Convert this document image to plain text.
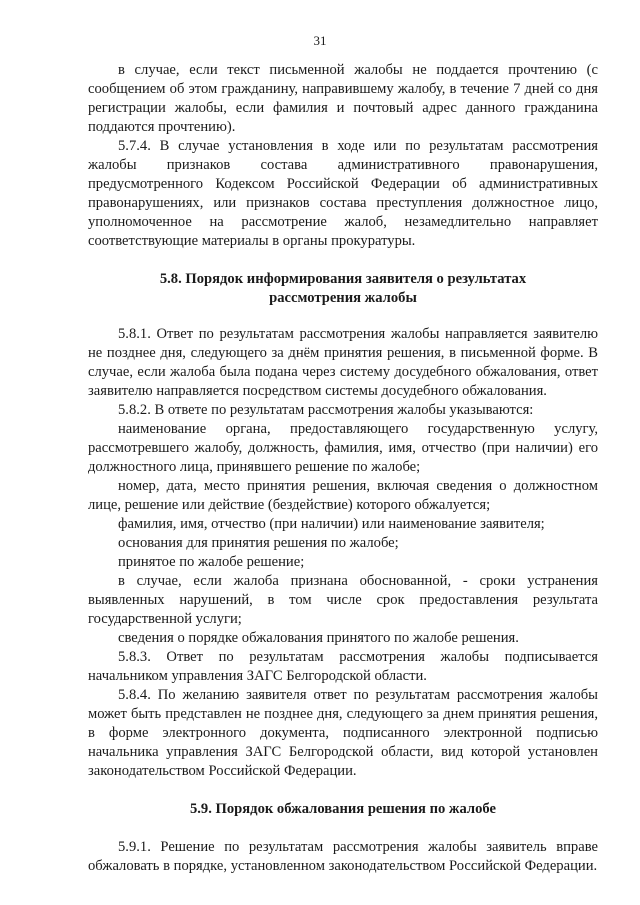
31

в случае, если текст письменной жалобы не поддается прочтению (с сообщением об этом гражданину, направившему жалобу, в течение 7 дней со дня регистрации жалобы, если фамилия и почтовый адрес данного гражданина поддаются прочтению).

5.7.4. В случае установления в ходе или по результатам рассмотрения жалобы признаков состава административного правонарушения, предусмотренного Кодексом Российской Федерации об административных правонарушениях, или признаков состава преступления должностное лицо, уполномоченное на рассмотрение жалоб, незамедлительно направляет соответствующие материалы в органы прокуратуры.

5.8. Порядок информирования заявителя о результатах
рассмотрения жалобы

5.8.1. Ответ по результатам рассмотрения жалобы направляется заявителю не позднее дня, следующего за днём принятия решения, в письменной форме. В случае, если жалоба была подана через систему досудебного обжалования, ответ заявителю направляется посредством системы досудебного обжалования.

5.8.2. В ответе по результатам рассмотрения жалобы указываются:

наименование органа, предоставляющего государственную услугу, рассмотревшего жалобу, должность, фамилия, имя, отчество (при наличии) его должностного лица, принявшего решение по жалобе;

номер, дата, место принятия решения, включая сведения о должностном лице, решение или действие (бездействие) которого обжалуется;

фамилия, имя, отчество (при наличии) или наименование заявителя;

основания для принятия решения по жалобе;

принятое по жалобе решение;

в случае, если жалоба признана обоснованной, - сроки устранения выявленных нарушений, в том числе срок предоставления результата государственной услуги;

сведения о порядке обжалования принятого по жалобе решения.

5.8.3. Ответ по результатам рассмотрения жалобы подписывается начальником управления ЗАГС Белгородской области.

5.8.4. По желанию заявителя ответ по результатам рассмотрения жалобы может быть представлен не позднее дня, следующего за днем принятия решения, в форме электронного документа, подписанного электронной подписью начальника управления ЗАГС Белгородской области, вид которой установлен законодательством Российской Федерации.

5.9. Порядок обжалования решения по жалобе

5.9.1. Решение по результатам рассмотрения жалобы заявитель вправе обжаловать в порядке, установленном законодательством Российской Федерации.
